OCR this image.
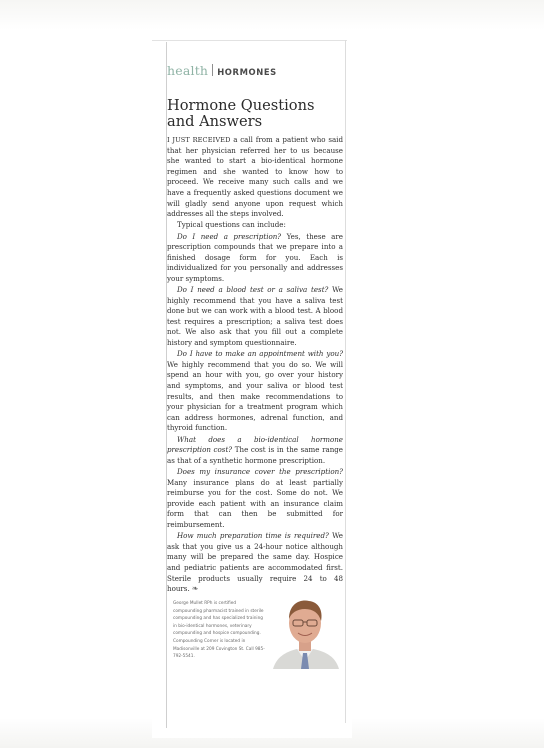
health HORMONES
Hormone Questions and Answers

I JUST RECEIVED a call from a patient who said that her physician referred her to us because she wanted to start a bio-identical hormone regimen and she wanted to know how to proceed. We receive many such calls and we have a frequently asked questions document we will gladly send anyone upon request which addresses all the steps involved.

Typical questions can include:

Do I need a prescription? Yes, these are prescription compounds that we prepare into a finished dosage form for you. Each is individualized for you personally and addresses your symptoms.

Do I need a blood test or a saliva test? We highly recommend that you have a saliva test done but we can work with a blood test. A blood test requires a prescription; a saliva test does not. We also ask that you fill out a complete history and symptom questionnaire.

Do I have to make an appointment with you? We highly recommend that you do so. We will spend an hour with you, go over your history and symptoms, and your saliva or blood test results, and then make recommendations to your physician for a treatment program which can address hormones, adrenal function, and thyroid function.

What does a bio-identical hormone prescription cost? The cost is in the same range as that of a synthetic hormone prescription.

Does my insurance cover the prescription? Many insurance plans do at least partially reimburse you for the cost. Some do not. We provide each patient with an insurance claim form that can then be submitted for reimbursement.

How much preparation time is required? We ask that you give us a 24-hour notice although many will be prepared the same day. Hospice and pediatric patients are accommodated first. Sterile products usually require 24 to 48 hours. ❧

George Mullet RPh is certified compounding pharmacist trained in sterile compounding and has specialized training in bio-identical hormones, veterinary compounding and hospice compounding. Compounding Corner is located in Madisonville at 209 Covington St. Call 985-792-5541.
